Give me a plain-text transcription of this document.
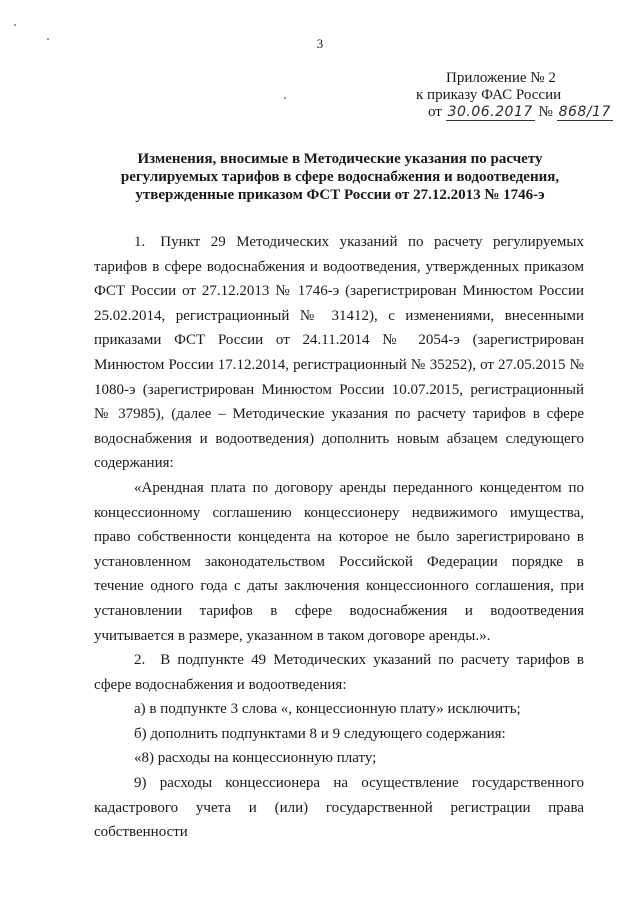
3
Приложение № 2
к приказу ФАС России
от 30.06.2017 № 868/17
Изменения, вносимые в Методические указания по расчету регулируемых тарифов в сфере водоснабжения и водоотведения, утвержденные приказом ФСТ России от 27.12.2013 № 1746-э

1. Пункт 29 Методических указаний по расчету регулируемых тарифов в сфере водоснабжения и водоотведения, утвержденных приказом ФСТ России от 27.12.2013 № 1746-э (зарегистрирован Минюстом России 25.02.2014, регистрационный № 31412), с изменениями, внесенными приказами ФСТ России от 24.11.2014 № 2054-э (зарегистрирован Минюстом России 17.12.2014, регистрационный № 35252), от 27.05.2015 № 1080-э (зарегистрирован Минюстом России 10.07.2015, регистрационный № 37985), (далее – Методические указания по расчету тарифов в сфере водоснабжения и водоотведения) дополнить новым абзацем следующего содержания:

«Арендная плата по договору аренды переданного концедентом по концессионному соглашению концессионеру недвижимого имущества, право собственности концедента на которое не было зарегистрировано в установленном законодательством Российской Федерации порядке в течение одного года с даты заключения концессионного соглашения, при установлении тарифов в сфере водоснабжения и водоотведения учитывается в размере, указанном в таком договоре аренды.».

2. В подпункте 49 Методических указаний по расчету тарифов в сфере водоснабжения и водоотведения:

а) в подпункте 3 слова «, концессионную плату» исключить;

б) дополнить подпунктами 8 и 9 следующего содержания:

«8) расходы на концессионную плату;

9) расходы концессионера на осуществление государственного кадастрового учета и (или) государственной регистрации права собственности
